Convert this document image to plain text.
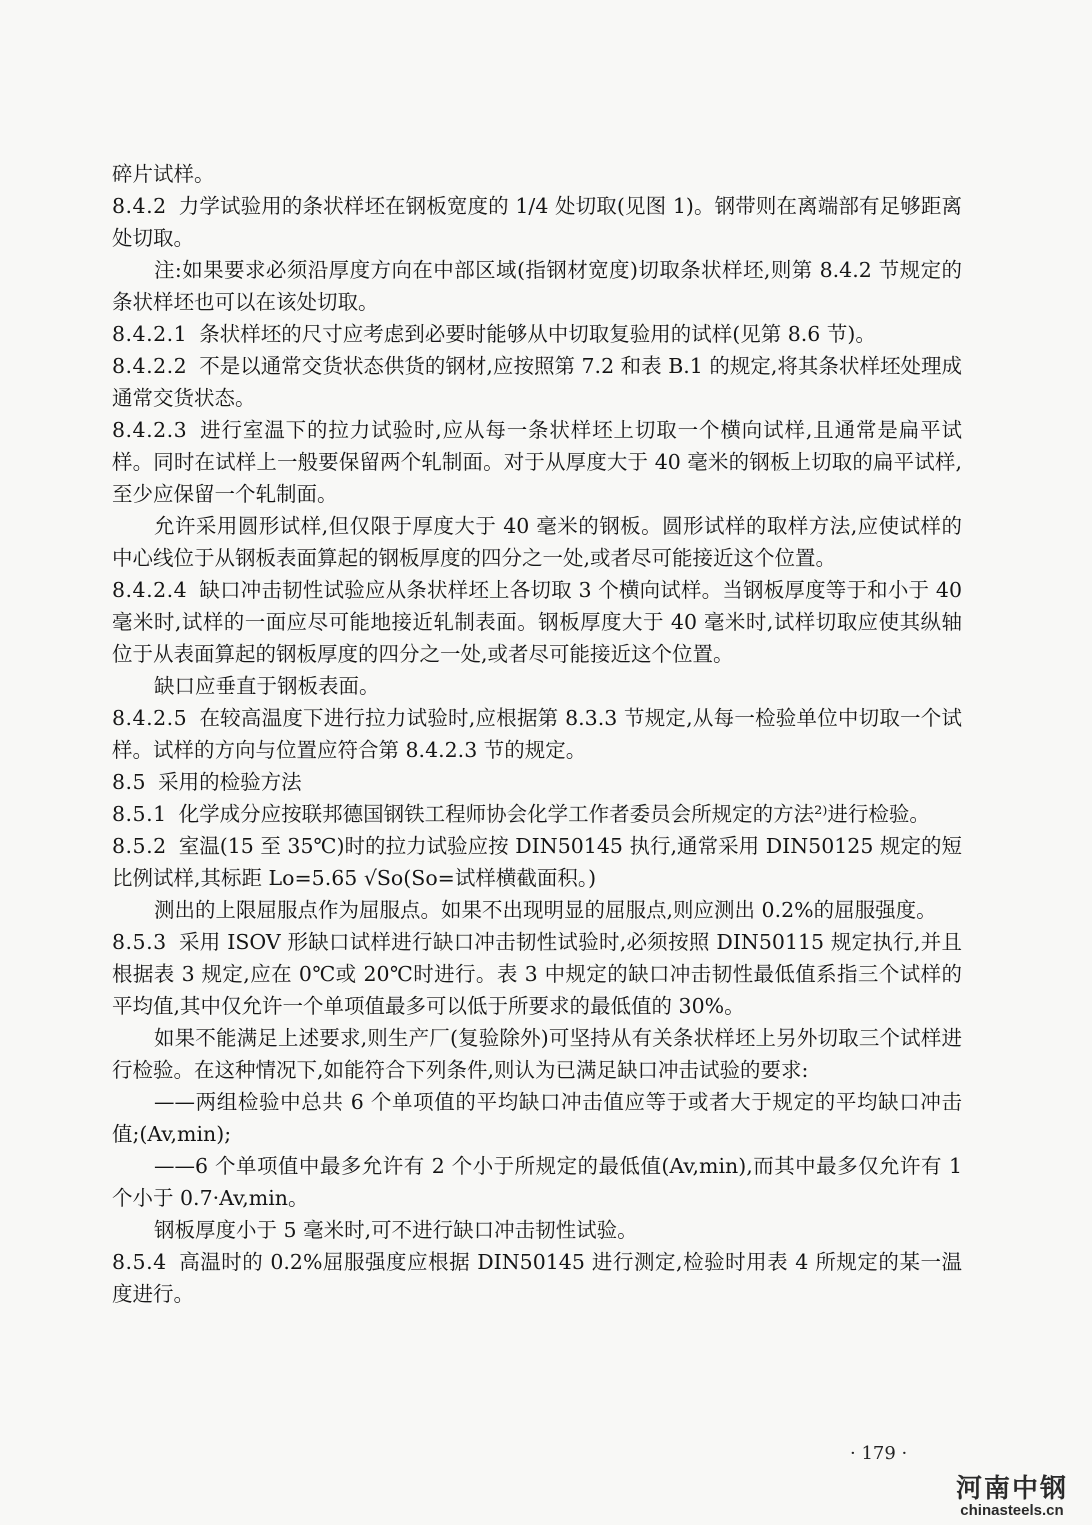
碎片试样。

8.4.2 力学试验用的条状样坯在钢板宽度的 1/4 处切取(见图 1)。钢带则在离端部有足够距离处切取。

注:如果要求必须沿厚度方向在中部区域(指钢材宽度)切取条状样坯,则第 8.4.2 节规定的条状样坯也可以在该处切取。

8.4.2.1 条状样坯的尺寸应考虑到必要时能够从中切取复验用的试样(见第 8.6 节)。

8.4.2.2 不是以通常交货状态供货的钢材,应按照第 7.2 和表 B.1 的规定,将其条状样坯处理成通常交货状态。

8.4.2.3 进行室温下的拉力试验时,应从每一条状样坯上切取一个横向试样,且通常是扁平试样。同时在试样上一般要保留两个轧制面。对于从厚度大于 40 毫米的钢板上切取的扁平试样,至少应保留一个轧制面。

允许采用圆形试样,但仅限于厚度大于 40 毫米的钢板。圆形试样的取样方法,应使试样的中心线位于从钢板表面算起的钢板厚度的四分之一处,或者尽可能接近这个位置。

8.4.2.4 缺口冲击韧性试验应从条状样坯上各切取 3 个横向试样。当钢板厚度等于和小于 40 毫米时,试样的一面应尽可能地接近轧制表面。钢板厚度大于 40 毫米时,试样切取应使其纵轴位于从表面算起的钢板厚度的四分之一处,或者尽可能接近这个位置。

缺口应垂直于钢板表面。

8.4.2.5 在较高温度下进行拉力试验时,应根据第 8.3.3 节规定,从每一检验单位中切取一个试样。试样的方向与位置应符合第 8.4.2.3 节的规定。

8.5 采用的检验方法

8.5.1 化学成分应按联邦德国钢铁工程师协会化学工作者委员会所规定的方法²⁾进行检验。

8.5.2 室温(15 至 35℃)时的拉力试验应按 DIN50145 执行,通常采用 DIN50125 规定的短比例试样,其标距 Lo=5.65 √So(So=试样横截面积。)

测出的上限屈服点作为屈服点。如果不出现明显的屈服点,则应测出 0.2%的屈服强度。

8.5.3 采用 ISOV 形缺口试样进行缺口冲击韧性试验时,必须按照 DIN50115 规定执行,并且根据表 3 规定,应在 0℃或 20℃时进行。表 3 中规定的缺口冲击韧性最低值系指三个试样的平均值,其中仅允许一个单项值最多可以低于所要求的最低值的 30%。

如果不能满足上述要求,则生产厂(复验除外)可坚持从有关条状样坯上另外切取三个试样进行检验。在这种情况下,如能符合下列条件,则认为已满足缺口冲击试验的要求:

——两组检验中总共 6 个单项值的平均缺口冲击值应等于或者大于规定的平均缺口冲击值;(Av,min);

——6 个单项值中最多允许有 2 个小于所规定的最低值(Av,min),而其中最多仅允许有 1 个小于 0.7·Av,min。

钢板厚度小于 5 毫米时,可不进行缺口冲击韧性试验。

8.5.4 高温时的 0.2%屈服强度应根据 DIN50145 进行测定,检验时用表 4 所规定的某一温度进行。

· 179 ·
河南中钢
chinasteels.cn
